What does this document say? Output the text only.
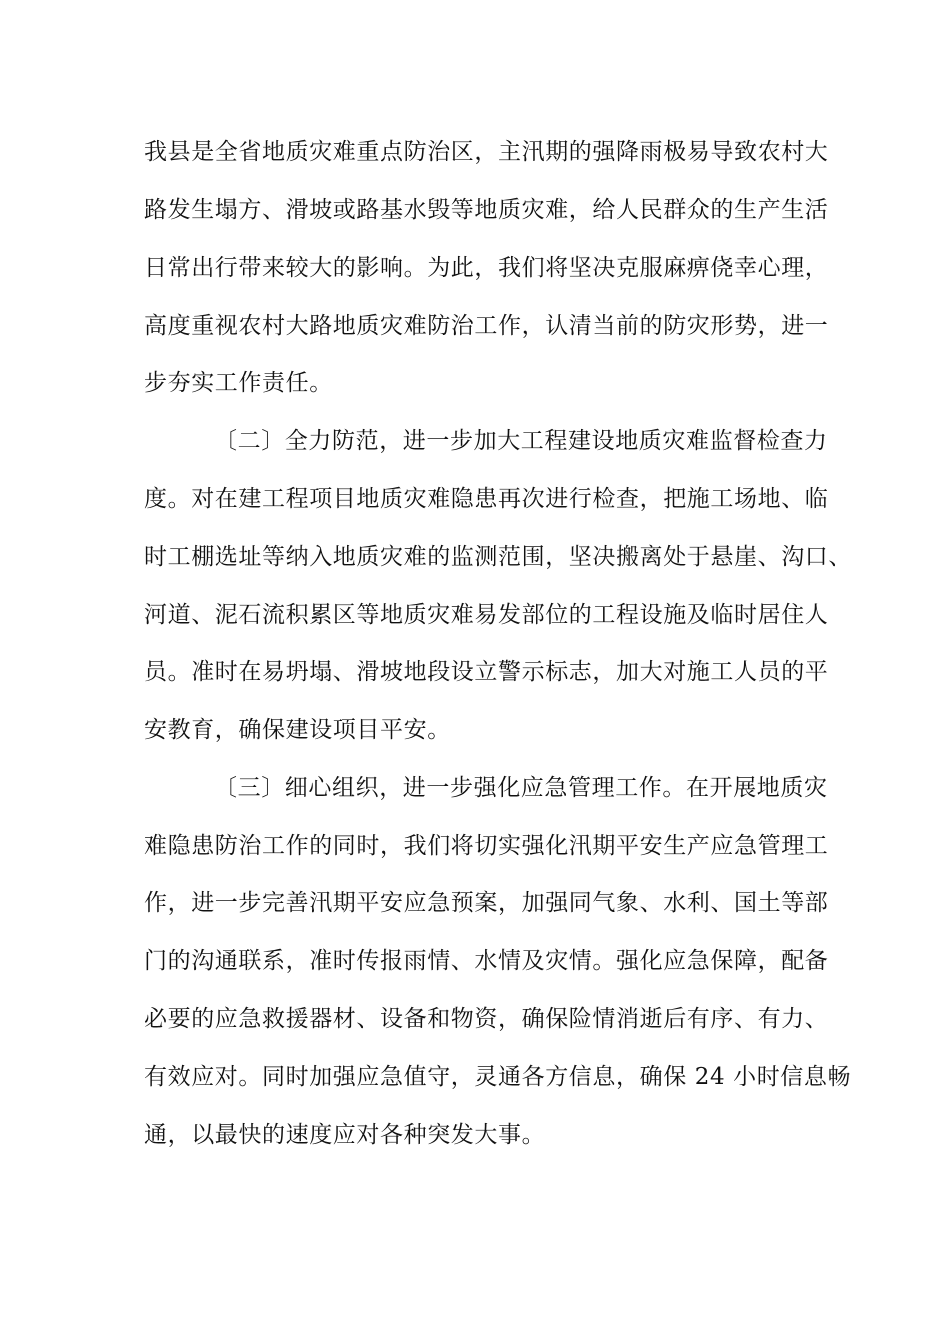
我县是全省地质灾难重点防治区，主汛期的强降雨极易导致农村大
路发生塌方、滑坡或路基水毁等地质灾难，给人民群众的生产生活
日常出行带来较大的影响。为此，我们将坚决克服麻痹侥幸心理，
高度重视农村大路地质灾难防治工作，认清当前的防灾形势，进一
步夯实工作责任。
〔二〕全力防范，进一步加大工程建设地质灾难监督检查力
度。对在建工程项目地质灾难隐患再次进行检查，把施工场地、临
时工棚选址等纳入地质灾难的监测范围，坚决搬离处于悬崖、沟口、
河道、泥石流积累区等地质灾难易发部位的工程设施及临时居住人
员。准时在易坍塌、滑坡地段设立警示标志，加大对施工人员的平
安教育，确保建设项目平安。
〔三〕细心组织，进一步强化应急管理工作。在开展地质灾
难隐患防治工作的同时，我们将切实强化汛期平安生产应急管理工
作，进一步完善汛期平安应急预案，加强同气象、水利、国土等部
门的沟通联系，准时传报雨情、水情及灾情。强化应急保障，配备
必要的应急救援器材、设备和物资，确保险情消逝后有序、有力、
有效应对。同时加强应急值守，灵通各方信息，确保 24 小时信息畅
通，以最快的速度应对各种突发大事。
